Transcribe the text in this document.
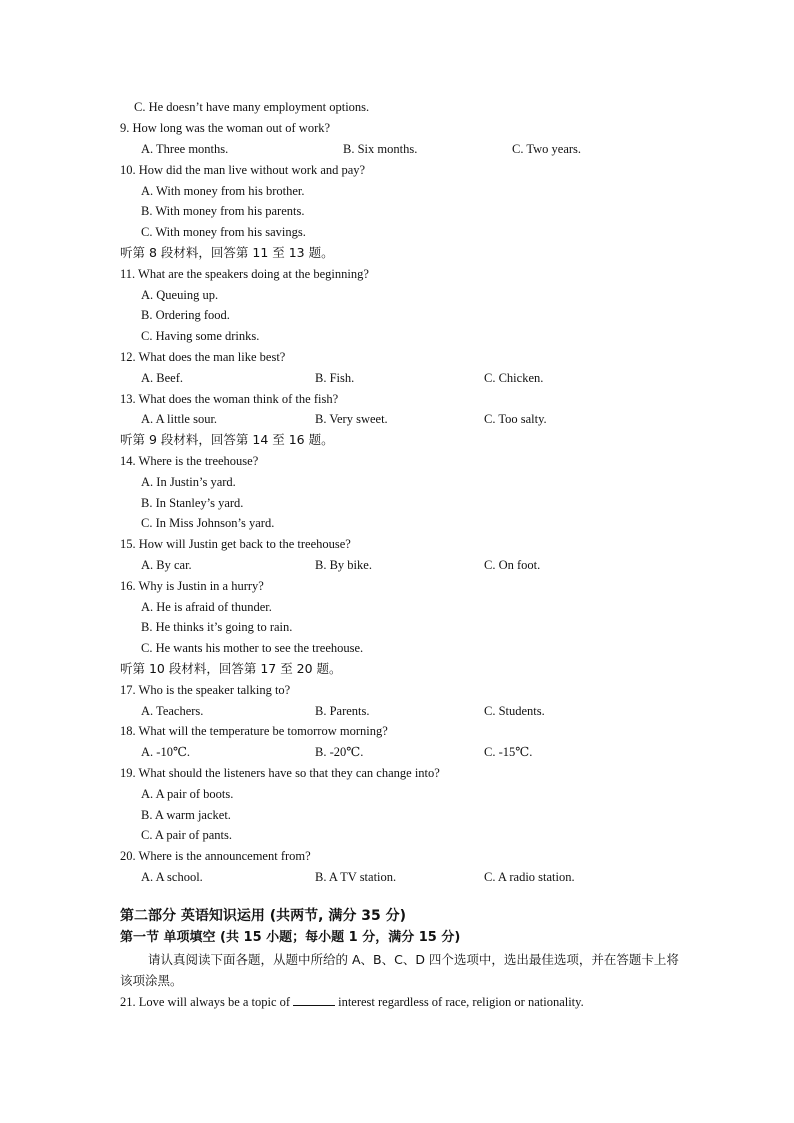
C. He doesn’t have many employment options.
9. How long was the woman out of work?
A. Three months.	B. Six months.	C. Two years.
10. How did the man live without work and pay?
A. With money from his brother.
B. With money from his parents.
C. With money from his savings.
听第 8 段材料，回答第 11 至 13 题。
11. What are the speakers doing at the beginning?
A. Queuing up.
B. Ordering food.
C. Having some drinks.
12. What does the man like best?
A. Beef.	B. Fish.	C. Chicken.
13. What does the woman think of the fish?
A. A little sour.	B. Very sweet.	C. Too salty.
听第 9 段材料，回答第 14 至 16 题。
14. Where is the treehouse?
A. In Justin’s yard.
B. In Stanley’s yard.
C. In Miss Johnson’s yard.
15. How will Justin get back to the treehouse?
A. By car.	B. By bike.	C. On foot.
16. Why is Justin in a hurry?
A. He is afraid of thunder.
B. He thinks it’s going to rain.
C. He wants his mother to see the treehouse.
听第 10 段材料，回答第 17 至 20 题。
17. Who is the speaker talking to?
A. Teachers.	B. Parents.	C. Students.
18. What will the temperature be tomorrow morning?
A. -10℃.	B. -20℃.	C. -15℃.
19. What should the listeners have so that they can change into?
A. A pair of boots.
B. A warm jacket.
C. A pair of pants.
20. Where is the announcement from?
A. A school.	B. A TV station.	C. A radio station.
第二部分 英语知识运用 (共两节, 满分 35 分)
第一节 单项填空 (共 15 小题；每小题 1 分，满分 15 分)
请认真阅读下面各题，从题中所给的 A、B、C、D 四个选项中，选出最佳选项，并在答题卡上将该项涂黑。
21. Love will always be a topic of	interest regardless of race, religion or nationality.
